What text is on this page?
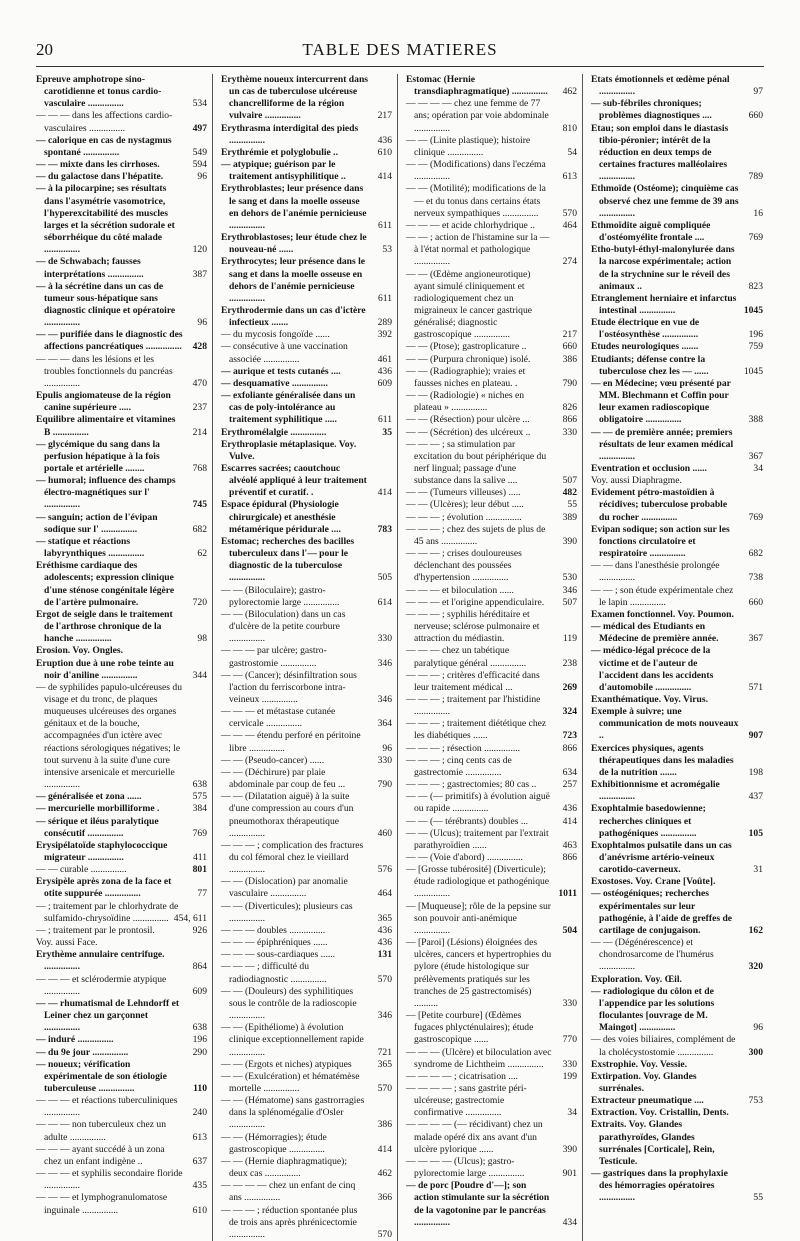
20	TABLE DES MATIERES
Epreuve amphotrope sino-carotidienne et tonus cardio-vasculaire ...............	534
— — — dans les affections cardio-vasculaires ...............	497
— calorique en cas de nystagmus spontané ...............	549
— — mixte dans les cirrhoses.	594
— du galactose dans l'hépatite.	96
— à la pilocarpine; ses résultats dans l'asymétrie vasomotrice, l'hyperexcitabilité des muscles larges et la sécrétion sudorale et séborrhéique du côté malade ...............	120
— de Schwabach; fausses interprétations ...............	387
— à la sécrétine dans un cas de tumeur sous-hépatique sans diagnostic clinique et opératoire ...............	96
— — purifiée dans le diagnostic des affections pancréatiques ............... 428
— — — dans les lésions et les troubles fonctionnels du pancréas ...............	470
Epulis angiomateuse de la région canine supérieure .....	237
Equilibre alimentaire et vitamines B ...............	214
— glycémique du sang dans la perfusion hépatique à la fois portale et artérielle ........	768
— humoral; influence des champs électro-magnétiques sur l' ...............	745
— sanguin; action de l'évipan sodique sur l' ...............	682
— statique et réactions labyrynthiques ...............	62
Eréthisme cardiaque des adolescents; expression clinique d'une sténose congénitale légère de l'artère pulmonaire.	720
Ergot de seigle dans le traitement de l'arthrose chronique de la hanche ...............	98
Erosion. Voy. Ongles.
Eruption due à une robe teinte au noir d'aniline ...............	344
— de syphilides papulo-ulcéreuses du visage et du tronc, de plaques muqueuses ulcéreuses des organes génitaux et de la bouche, accompagnées d'un ictère avec réactions sérologiques négatives; le tout survenu à la suite d'une cure intensive arsenicale et mercurielle ...............	638
— généralisée et zona ......	575
— mercurielle morbilliforme .	384
— sérique et iléus paralytique consécutif ...............	769
Erysipélatoïde staphylococcique migrateur ...............	411
— — curable ...............	801
Erysipèle après zona de la face et otite suppurée ...............	77
— ; traitement par le chlorhydrate de sulfamido-chrysoïdine ............... 454, 611
— ; traitement par le prontosil.	926
Voy. aussi Face.
Erythème annulaire centrifuge. ...............	864
— — — et sclérodermie atypique ...............	609
— — rhumatismal de Lehndorff et Leiner chez un garçonnet ...............	638
— induré ...............	196
— du 9e jour ...............	290
— noueux; vérification expérimentale de son étiologie tuberculeuse ...............	110
— — — et réactions tuberculiniques ...............	240
— — — non tuberculeux chez un adulte ...............	613
— — — ayant succédé à un zona chez un enfant indigène ..	637
— — — et syphilis secondaire floride ...............	435
— — — et lymphogranulomatose inguinale ...............	610
Erythème noueux intercurrent dans un cas de tuberculose ulcéreuse chancrelliforme de la région vulvaire ...............	217
Erythrasma interdigital des pieds ...............	436
Erythrémie et polyglobulie ..	610
— atypique; guérison par le traitement antisyphilitique ..	414
Erythroblastes; leur présence dans le sang et dans la moelle osseuse en dehors de l'anémie pernicieuse ...............	611
Erythroblastoses; leur étude chez le nouveau-né ......	53
Erythrocytes; leur présence dans le sang et dans la moelle osseuse en dehors de l'anémie pernicieuse ...............	611
Erythrodermie dans un cas d'ictère infectieux .......	289
— du mycosis fongoïde ......	392
— consécutive à une vaccination associée ...............	461
— aurique et tests cutanés ....	436
— desquamative ...............	609
— exfoliante généralisée dans un cas de poly-intolérance au traitement syphilitique .....	611
Erythromélalgie ...............	35
Erythroplasie métaplasique. Voy. Vulve.
Escarres sacrées; caoutchouc alvéolé appliqué à leur traitement préventif et curatif. .	414
Espace épidural (Physiologie chirurgicale) et anesthésie métamérique péridurale ....	783
Estomac; recherches des bacilles tuberculeux dans l'— pour le diagnostic de la tuberculose ...............	505
— — (Biloculaire); gastro-pylorectomie large ...............	614
— — (Biloculation) dans un cas d'ulcère de la petite courbure ...............	330
— — — par ulcère; gastro-gastrostomie ...............	346
— — (Cancer); désinfiltration sous l'action du ferriscorbone intra-veineux ...............	346
— — — et métastase cutanée cervicale ...............	364
— — — étendu perforé en péritoine libre ...............	96
— — (Pseudo-cancer) ......	330
— — (Déchirure) par plaie abdominale par coup de feu ...	790
— — (Dilatation aiguë) à la suite d'une compression au cours d'un pneumothorax thérapeutique ...............	460
— — — ; complication des fractures du col fémoral chez le vieillard ...............	576
— — (Dislocation) par anomalie vasculaire ...............	464
— — (Diverticules); plusieurs cas ...............	365
— — — doubles ...............	436
— — — épiphréniques ......	436
— — — sous-cardiaques ......	131
— — — ; difficulté du radiodiagnostic ...............	570
— — (Douleurs) des syphilitiques sous le contrôle de la radioscopie ...............	346
— — (Epithéliome) à évolution clinique exceptionnellement rapide ...............	721
— — (Ergots et niches) atypiques	365
— — (Exulcération) et hématémèse mortelle ...............	570
— — (Hématome) sans gastrorragies dans la splénomégalie d'Osler ...............	386
— — (Hémorragies); étude gastroscopique ...............	414
— — (Hernie diaphragmatique); deux cas ...............	462
— — — — chez un enfant de cinq ans ...............	366
— — — ; réduction spontanée plus de trois ans après phrénicectomie ...............	570
Estomac (Hernie transdiaphragmatique) ............... 462
— — — — chez une femme de 77 ans; opération par voie abdominale ...............	810
— — (Linite plastique); histoire clinique ...............	54
— — (Modifications) dans l'eczéma ...............	613
— — (Motilité); modifications de la — et du tonus dans certains états nerveux sympathiques ...............	570
— — — et acide chlorhydrique ..	464
— — ; action de l'histamine sur la — à l'état normal et pathologique ...............	274
— — (Œdème angioneurotique) ayant simulé cliniquement et radiologiquement chez un migraineux le cancer gastrique généralisé; diagnostic gastroscopique ...............	217
— — (Ptose); gastroplicature ..	660
— — (Purpura chronique) isolé.	386
— — (Radiographie); vraies et fausses niches en plateau. .	790
— — (Radiologie) « niches en plateau » ...............	826
— — (Résection) pour ulcère ...	866
— — (Sécrétion) des ulcéreux ..	330
— — — ; sa stimulation par excitation du bout périphérique du nerf lingual; passage d'une substance dans la salive ....	507
— — (Tumeurs villeuses) .....	482
— — (Ulcères); leur début .....	55
— — — ; évolution ...............	389
— — — ; chez des sujets de plus de 45 ans ...............	390
— — — ; crises douloureuses déclenchant des poussées d'hypertension ...............	530
— — — et biloculation ......	346
— — — et l'origine appendiculaire. 507
— — — ; syphilis héréditaire et nerveuse; sclérose pulmonaire et attraction du médiastin.	119
— — — chez un tabétique paralytique général ...............	238
— — — ; critères d'efficacité dans leur traitement médical ...	269
— — — ; traitement par l'histidine ...............	324
— — — ; traitement diététique chez les diabétiques ......	723
— — — ; résection ...............	866
— — — ; cinq cents cas de gastrectomie ...............	634
— — — ; gastrectomies; 80 cas ..	257
— — (— primitifs) à évolution aiguë ou rapide ...............	436
— — (— térébrants) doubles ...	414
— — (Ulcus); traitement par l'extrait parathyroïdien ......	463
— — (Voie d'abord) ...............	866
— [Grosse tubérosité] (Diverticule); étude radiologique et pathogénique ...............	1011
— [Muqueuse]; rôle de la pepsine sur son pouvoir anti-anémique ...............	504
— [Paroi] (Lésions) éloignées des ulcères, cancers et hypertrophies du pylore (étude histologique sur prélèvements pratiqués sur les tranches de 25 gastrectomisés) ..........	330
— [Petite courbure] (Œdèmes fugaces phlycténulaires); étude gastroscopique ......	770
— — — (Ulcère) et biloculation avec syndrome de Lichtheim ............... 330
— — — — ; cicatrisation ....	199
— — — — ; sans gastrite péri-ulcéreuse; gastrectomie confirmative ...............	34
— — — — (— récidivant) chez un malade opéré dix ans avant d'un ulcère pylorique ......	390
— — — — (Ulcus); gastro-pylorectomie large ...............	901
— de porc [Poudre d'—]; son action stimulante sur la sécrétion de la vagotonine par le pancréas ...............	434
Etats émotionnels et œdème pénal ...............	97
— sub-fébriles chroniques; problèmes diagnostiques ....	660
Etau; son emploi dans le diastasis tibio-péronier; intérêt de la réduction en deux temps de certaines fractures malléolaires ...............	789
Ethmoïde (Ostéome); cinquième cas observé chez une femme de 39 ans ...............	16
Ethmoïdite aiguë compliquée d'ostéomyélite frontale ....	769
Etho-butyl-éthyl-malonylurée dans la narcose expérimentale; action de la strychnine sur le réveil des animaux ..	823
Etranglement herniaire et infarctus intestinal ...............	1045
Etude électrique en vue de l'ostéosynthèse ...............	196
Etudes neurologiques .......	759
Etudiants; défense contre la tuberculose chez les — ......	1045
— en Médecine; vœu présenté par MM. Blechmann et Coffin pour leur examen radioscopique obligatoire ...............	388
— — de première année; premiers résultats de leur examen médical ...............	367
Eventration et occlusion ......	34
Voy. aussi Diaphragme.
Evidement pétro-mastoïdien à récidives; tuberculose probable du rocher ...............	769
Evipan sodique; son action sur les fonctions circulatoire et respiratoire ...............	682
— — dans l'anesthésie prolongée ...............	738
— — ; son étude expérimentale chez le lapin ...............	660
Examen fonctionnel. Voy. Poumon.
— médical des Etudiants en Médecine de première année.	367
— médico-légal précoce de la victime et de l'auteur de l'accident dans les accidents d'automobile ...............	571
Exanthématique. Voy. Virus.
Exemple à suivre; une communication de mots nouveaux ..	907
Exercices physiques, agents thérapeutiques dans les maladies de la nutrition .......	198
Exhibitionnisme et acromégalie ...............	437
Exophtalmie basedowienne; recherches cliniques et pathogéniques ...............	105
Exophtalmos pulsatile dans un cas d'anévrisme artério-veineux carotido-caverneux.	31
Exostoses. Voy. Crane [Voûte].
— ostéogéniques; recherches expérimentales sur leur pathogénie, à l'aide de greffes de cartilage de conjugaison.	162
— — (Dégénérescence) et chondrosarcome de l'humérus ...............	320
Exploration. Voy. Œil.
— radiologique du côlon et de l'appendice par les solutions floculantes [ouvrage de M. Maingot] ...............	96
— des voies biliaires, complément de la cholécystostomie ...............	300
Exstrophie. Voy. Vessie.
Extirpation. Voy. Glandes surrénales.
Extracteur pneumatique ....	753
Extraction. Voy. Cristallin, Dents.
Extraits. Voy. Glandes parathyroïdes, Glandes surrénales [Corticale], Rein, Testicule.
— gastriques dans la prophylaxie des hémorragies opératoires ...............	55
